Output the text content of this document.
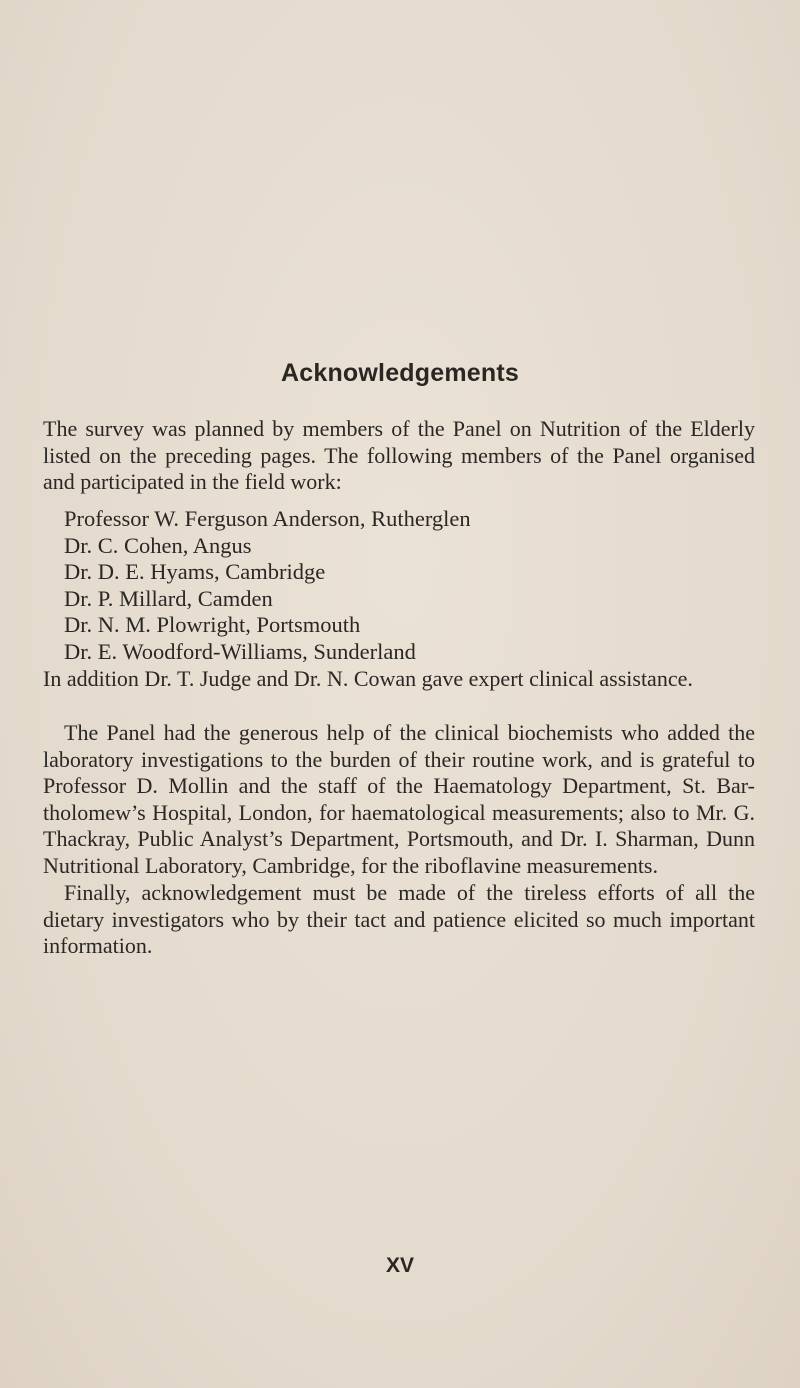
Acknowledgements

The survey was planned by members of the Panel on Nutrition of the Elderly listed on the preceding pages. The following members of the Panel organised and participated in the field work:

Professor W. Ferguson Anderson, Rutherglen
Dr. C. Cohen, Angus
Dr. D. E. Hyams, Cambridge
Dr. P. Millard, Camden
Dr. N. M. Plowright, Portsmouth
Dr. E. Woodford-Williams, Sunderland

In addition Dr. T. Judge and Dr. N. Cowan gave expert clinical assistance.

The Panel had the generous help of the clinical biochemists who added the laboratory investigations to the burden of their routine work, and is grateful to Professor D. Mollin and the staff of the Haematology Department, St. Bar-tholomew’s Hospital, London, for haematological measurements; also to Mr. G. Thackray, Public Analyst’s Department, Portsmouth, and Dr. I. Sharman, Dunn Nutritional Laboratory, Cambridge, for the riboflavine measurements.

Finally, acknowledgement must be made of the tireless efforts of all the dietary investigators who by their tact and patience elicited so much important information.

XV
